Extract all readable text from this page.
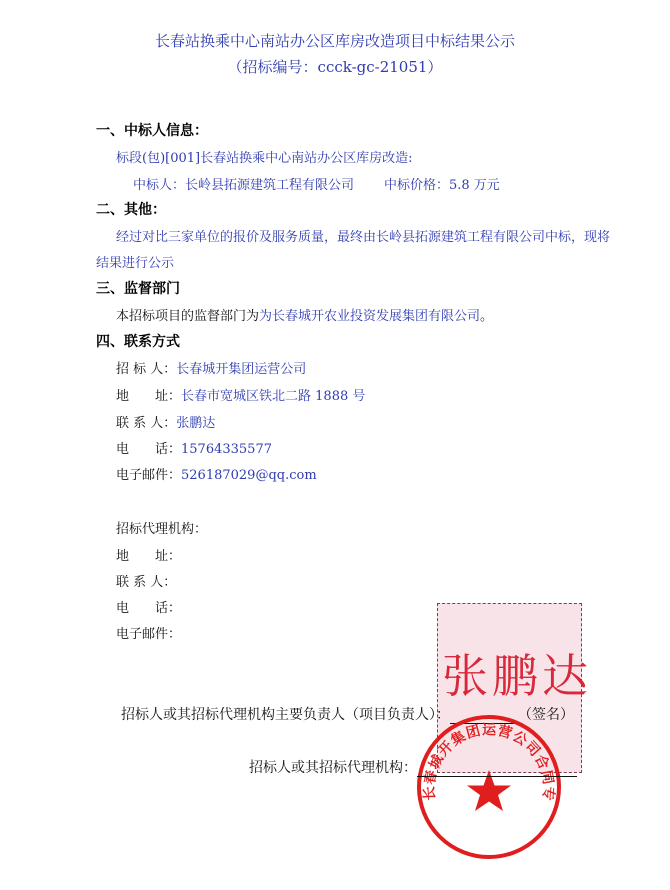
长春站换乘中心南站办公区库房改造项目中标结果公示
（招标编号：ccck-gc-21051）
一、中标人信息：
标段(包)[001]长春站换乘中心南站办公区库房改造:
中标人：长岭县拓源建筑工程有限公司 中标价格：5.8 万元
二、其他：
经过对比三家单位的报价及服务质量，最终由长岭县拓源建筑工程有限公司中标，现将
结果进行公示
三、监督部门
本招标项目的监督部门为为长春城开农业投资发展集团有限公司。
四、联系方式
招 标 人：长春城开集团运营公司
地　　址：长春市宽城区铁北二路 1888 号
联 系 人：张鹏达
电　　话：15764335577
电子邮件：526187029@qq.com
招标代理机构：
地　　址：
联 系 人：
电　　话：
电子邮件：
张鹏达
招标人或其招标代理机构主要负责人（项目负责人）：	（签名）
长春城开集团运营公司合同专
招标人或其招标代理机构：
